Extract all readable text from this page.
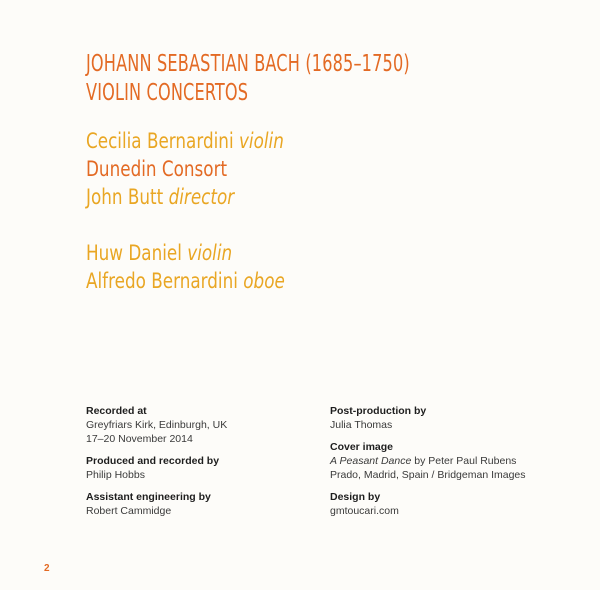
JOHANN SEBASTIAN BACH (1685–1750)
VIOLIN CONCERTOS
Cecilia Bernardini violin
Dunedin Consort
John Butt director
Huw Daniel violin
Alfredo Bernardini oboe
Recorded at
Greyfriars Kirk, Edinburgh, UK
17–20 November 2014
Produced and recorded by
Philip Hobbs
Assistant engineering by
Robert Cammidge
Post-production by
Julia Thomas
Cover image
A Peasant Dance by Peter Paul Rubens
Prado, Madrid, Spain / Bridgeman Images
Design by
gmtoucari.com
2
